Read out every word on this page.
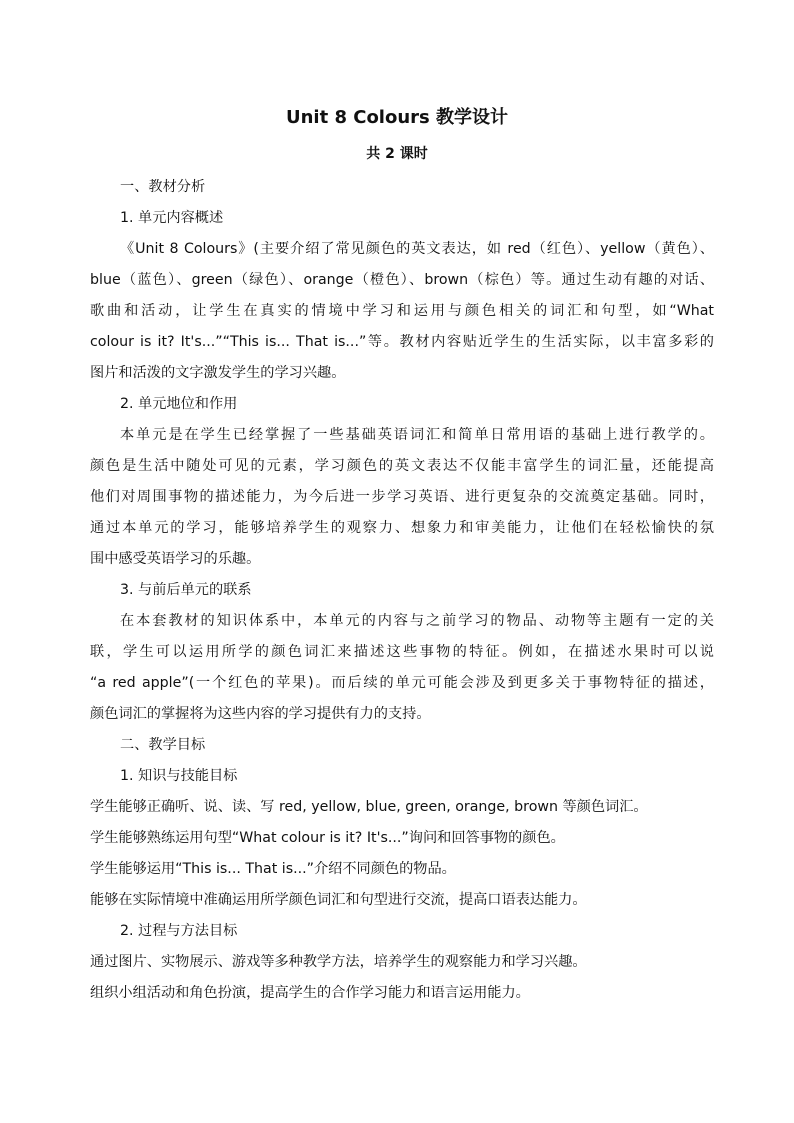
Unit 8 Colours 教学设计
共 2 课时
一、教材分析
1. 单元内容概述
《Unit 8 Colours》(主要介绍了常见颜色的英文表达，如 red（红色）、yellow（黄色）、
blue（蓝色）、green（绿色）、orange（橙色）、brown（棕色）等。通过生动有趣的对话、
歌曲和活动，让学生在真实的情境中学习和运用与颜色相关的词汇和句型，如“What
colour is it? It's...”“This is... That is...”等。教材内容贴近学生的生活实际，以丰富多彩的
图片和活泼的文字激发学生的学习兴趣。
2. 单元地位和作用
本单元是在学生已经掌握了一些基础英语词汇和简单日常用语的基础上进行教学的。
颜色是生活中随处可见的元素，学习颜色的英文表达不仅能丰富学生的词汇量，还能提高
他们对周围事物的描述能力，为今后进一步学习英语、进行更复杂的交流奠定基础。同时，
通过本单元的学习，能够培养学生的观察力、想象力和审美能力，让他们在轻松愉快的氛
围中感受英语学习的乐趣。
3. 与前后单元的联系
在本套教材的知识体系中，本单元的内容与之前学习的物品、动物等主题有一定的关
联，学生可以运用所学的颜色词汇来描述这些事物的特征。例如，在描述水果时可以说
“a red apple”(一个红色的苹果)。而后续的单元可能会涉及到更多关于事物特征的描述，
颜色词汇的掌握将为这些内容的学习提供有力的支持。
二、教学目标
1. 知识与技能目标
学生能够正确听、说、读、写 red, yellow, blue, green, orange, brown 等颜色词汇。
学生能够熟练运用句型“What colour is it? It's...”询问和回答事物的颜色。
学生能够运用“This is... That is...”介绍不同颜色的物品。
能够在实际情境中准确运用所学颜色词汇和句型进行交流，提高口语表达能力。
2. 过程与方法目标
通过图片、实物展示、游戏等多种教学方法，培养学生的观察能力和学习兴趣。
组织小组活动和角色扮演，提高学生的合作学习能力和语言运用能力。
